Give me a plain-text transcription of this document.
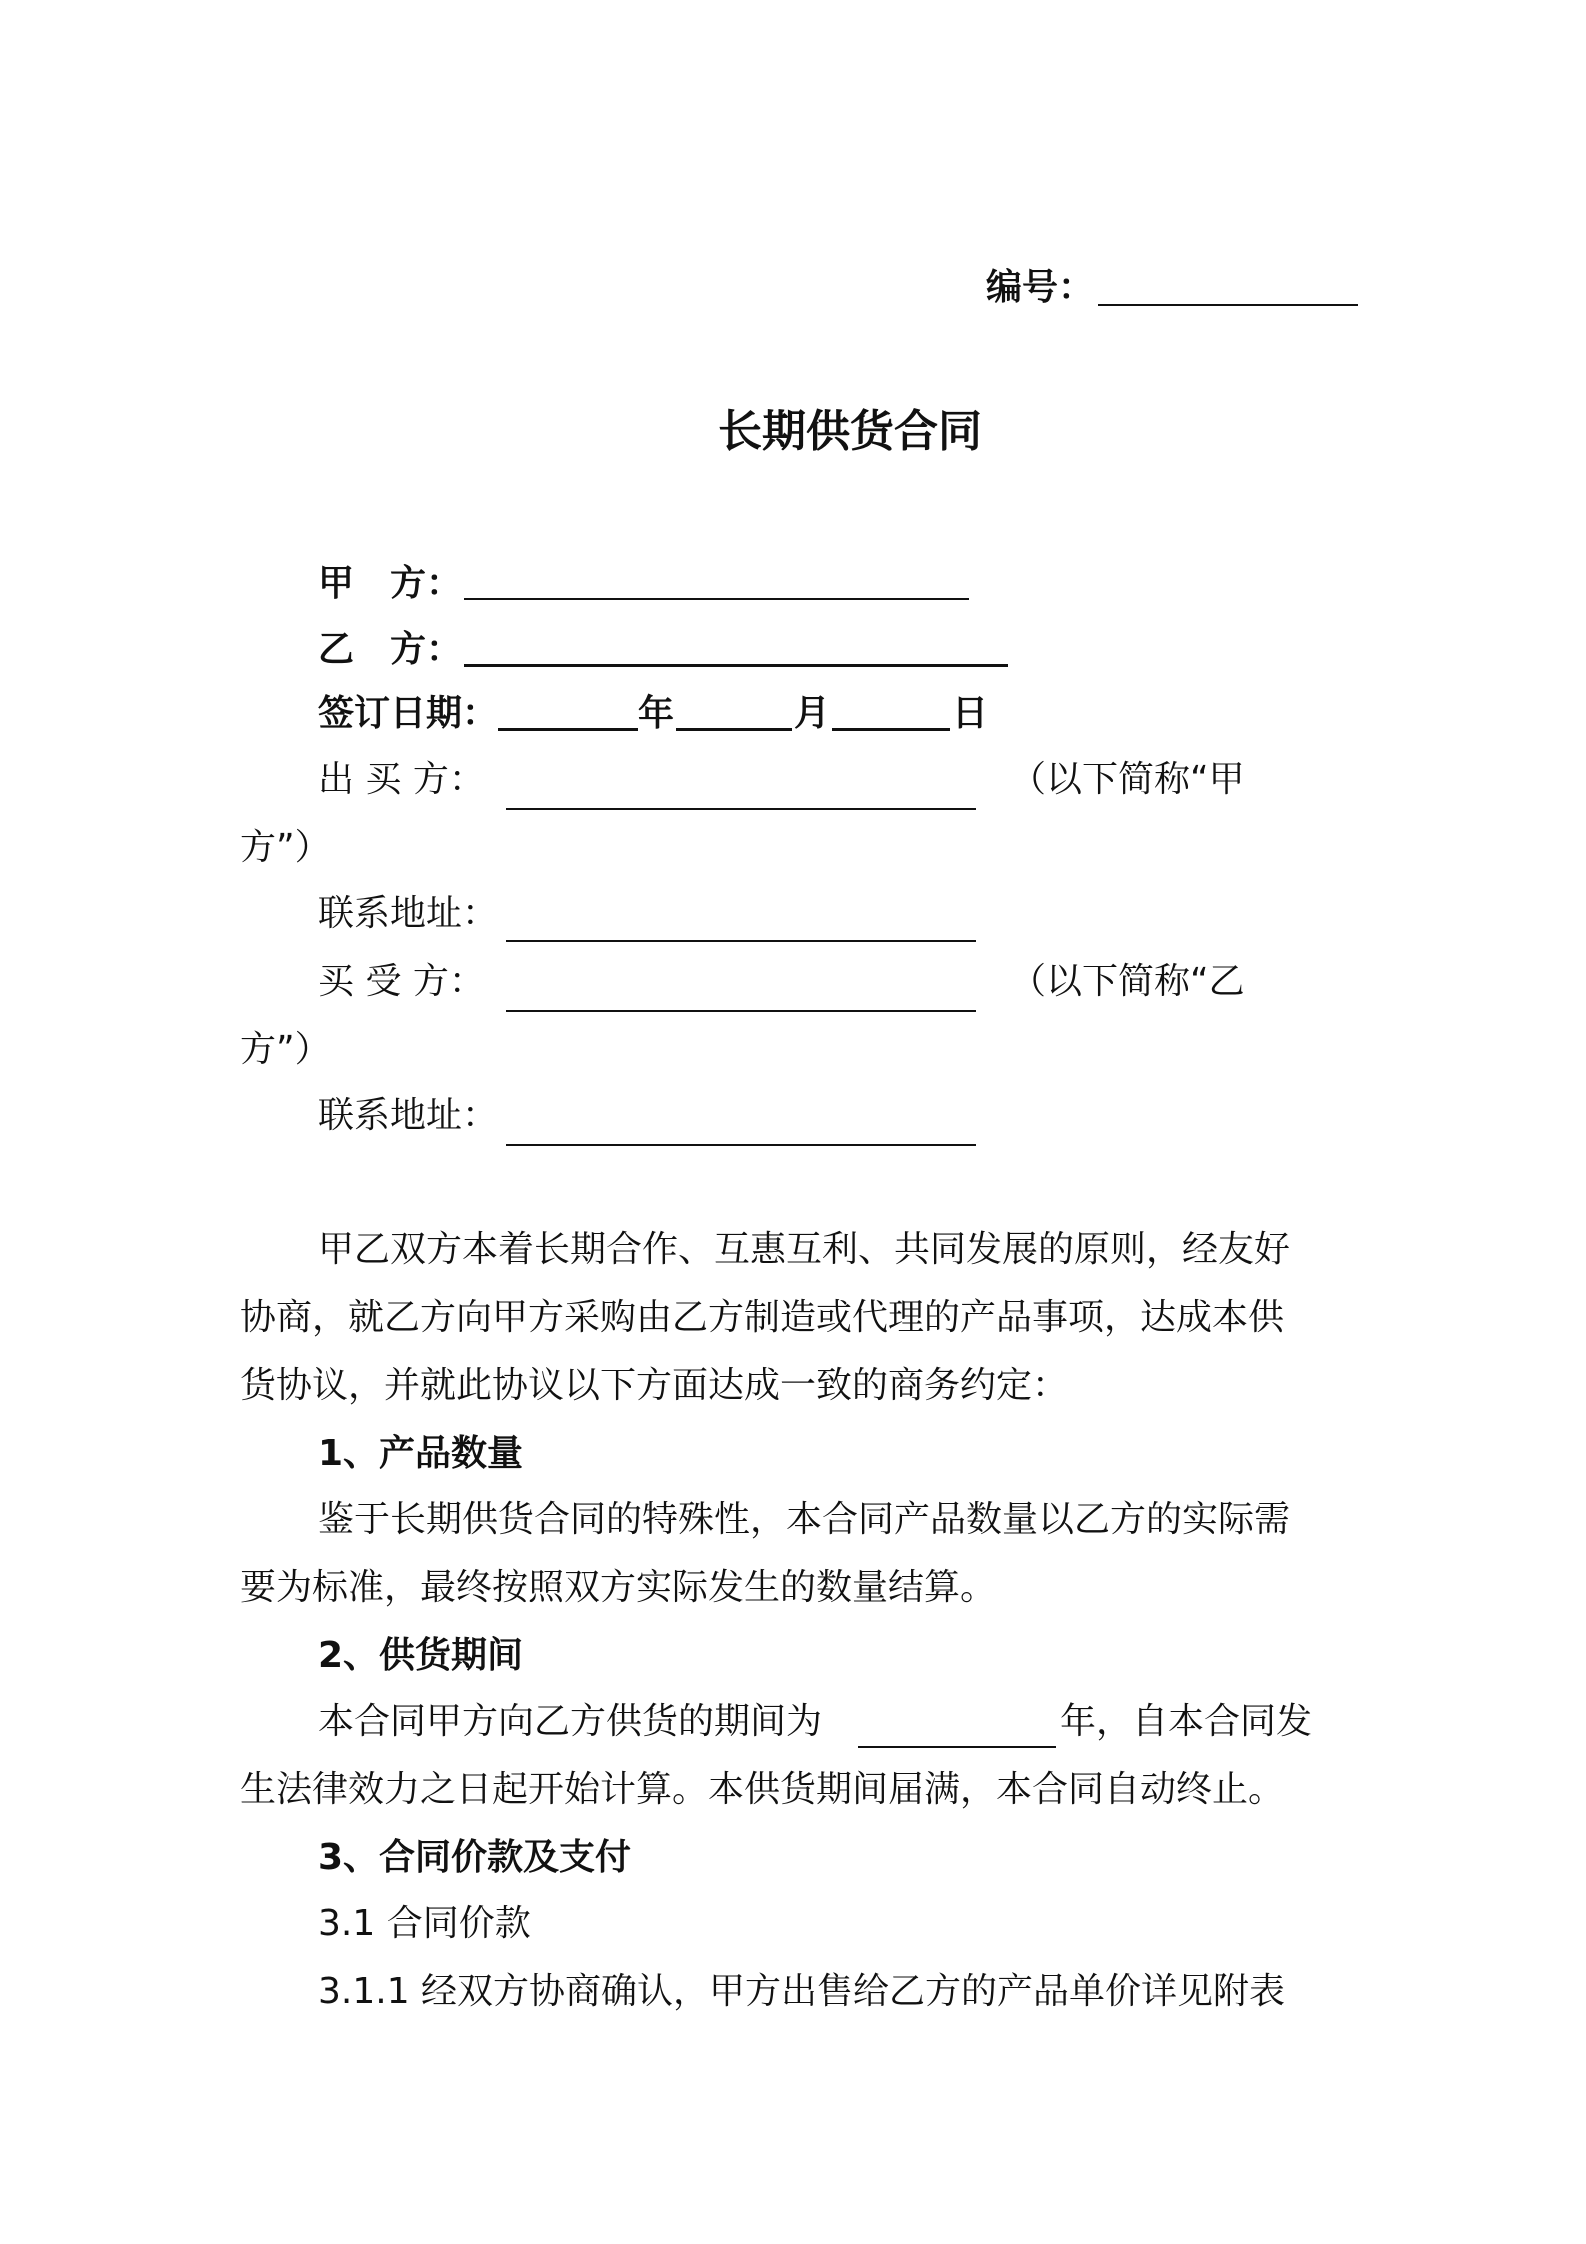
编号：
长期供货合同
甲　方：
乙　方：
签订日期：	年	月	日
出 买 方：	（以下简称“甲
方”）
联系地址：
买 受 方：	（以下简称“乙
方”）
联系地址：
甲乙双方本着长期合作、互惠互利、共同发展的原则，经友好
协商，就乙方向甲方采购由乙方制造或代理的产品事项，达成本供
货协议，并就此协议以下方面达成一致的商务约定：
1、产品数量
鉴于长期供货合同的特殊性，本合同产品数量以乙方的实际需
要为标准，最终按照双方实际发生的数量结算。
2、供货期间
本合同甲方向乙方供货的期间为	年，自本合同发
生法律效力之日起开始计算。本供货期间届满，本合同自动终止。
3、合同价款及支付
3.1 合同价款
3.1.1 经双方协商确认，甲方出售给乙方的产品单价详见附表
